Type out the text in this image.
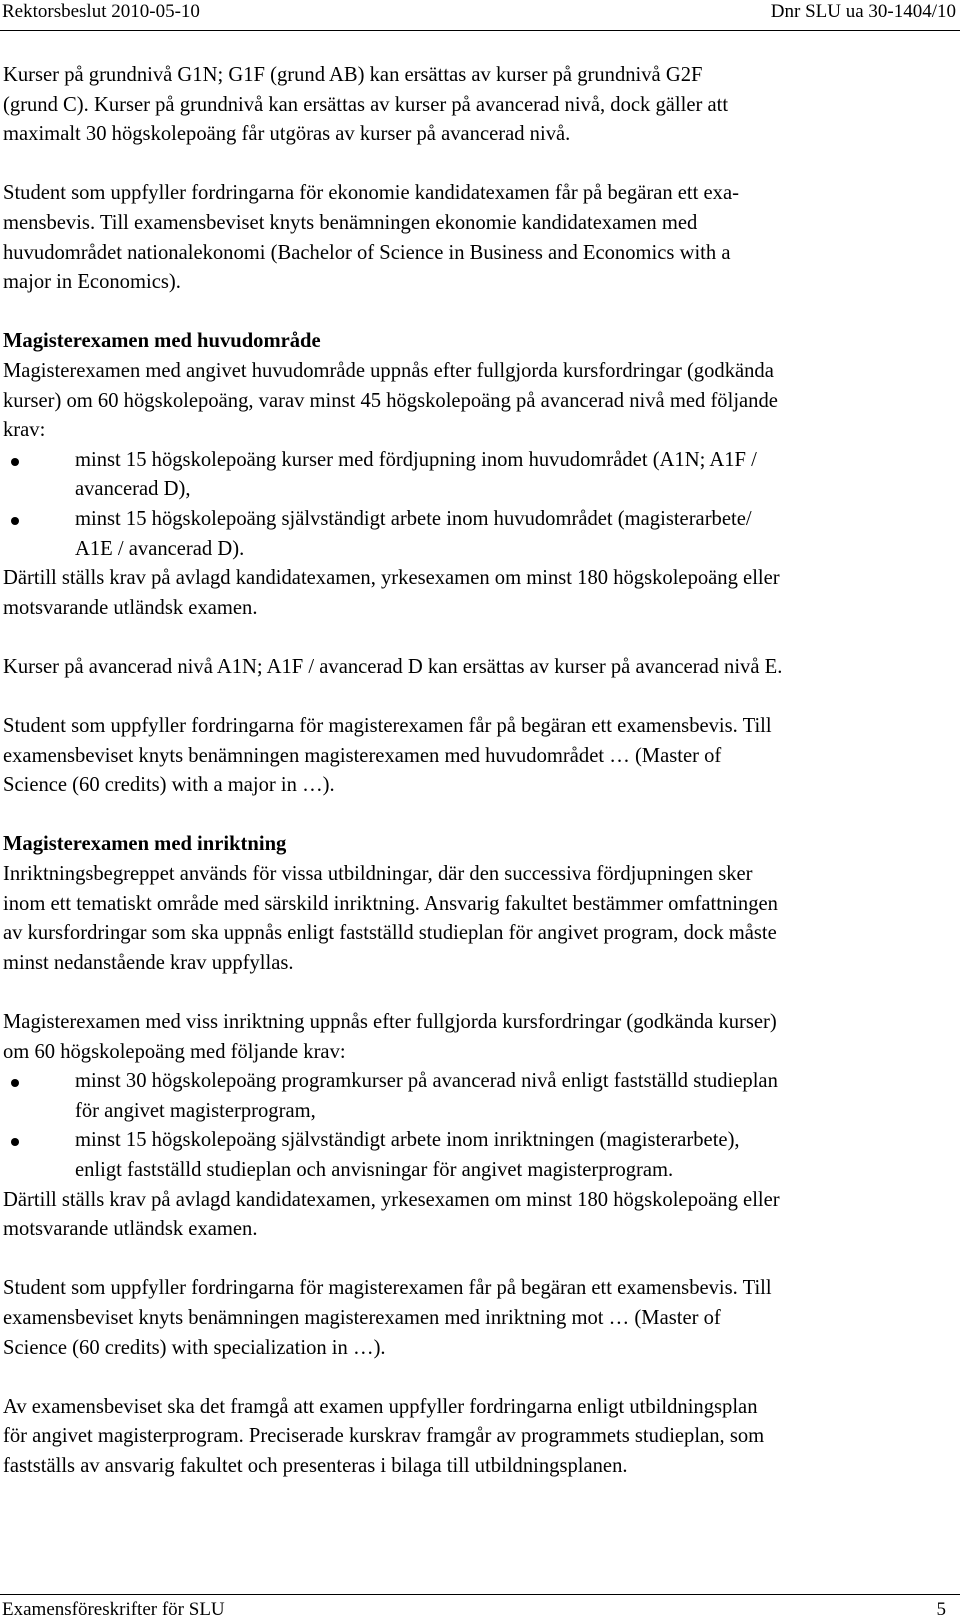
Rektorsbeslut 2010-05-10	Dnr SLU ua 30-1404/10
Kurser på grundnivå G1N; G1F (grund AB) kan ersättas av kurser på grundnivå G2F
(grund C). Kurser på grundnivå kan ersättas av kurser på avancerad nivå, dock gäller att
maximalt 30 högskolepoäng får utgöras av kurser på avancerad nivå.
Student som uppfyller fordringarna för ekonomie kandidatexamen får på begäran ett exa-
mensbevis. Till examensbeviset knyts benämningen ekonomie kandidatexamen med
huvudområdet nationalekonomi (Bachelor of Science in Business and Economics with a
major in Economics).
Magisterexamen med huvudområde
Magisterexamen med angivet huvudområde uppnås efter fullgjorda kursfordringar (godkända
kurser) om 60 högskolepoäng, varav minst 45 högskolepoäng på avancerad nivå med följande
krav:
minst 15 högskolepoäng kurser med fördjupning inom huvudområdet (A1N; A1F /
avancerad D),
minst 15 högskolepoäng självständigt arbete inom huvudområdet (magisterarbete/
A1E / avancerad D).
Därtill ställs krav på avlagd kandidatexamen, yrkesexamen om minst 180 högskolepoäng eller
motsvarande utländsk examen.
Kurser på avancerad nivå A1N; A1F / avancerad D kan ersättas av kurser på avancerad nivå E.
Student som uppfyller fordringarna för magisterexamen får på begäran ett examensbevis. Till
examensbeviset knyts benämningen magisterexamen med huvudområdet … (Master of
Science (60 credits) with a major in …).
Magisterexamen med inriktning
Inriktningsbegreppet används för vissa utbildningar, där den successiva fördjupningen sker
inom ett tematiskt område med särskild inriktning. Ansvarig fakultet bestämmer omfattningen
av kursfordringar som ska uppnås enligt fastställd studieplan för angivet program, dock måste
minst nedanstående krav uppfyllas.
Magisterexamen med viss inriktning uppnås efter fullgjorda kursfordringar (godkända kurser)
om 60 högskolepoäng med följande krav:
minst 30 högskolepoäng programkurser på avancerad nivå enligt fastställd studieplan
för angivet magisterprogram,
minst 15 högskolepoäng självständigt arbete inom inriktningen (magisterarbete),
enligt fastställd studieplan och anvisningar för angivet magisterprogram.
Därtill ställs krav på avlagd kandidatexamen, yrkesexamen om minst 180 högskolepoäng eller
motsvarande utländsk examen.
Student som uppfyller fordringarna för magisterexamen får på begäran ett examensbevis. Till
examensbeviset knyts benämningen magisterexamen med inriktning mot … (Master of
Science (60 credits) with specialization in …).
Av examensbeviset ska det framgå att examen uppfyller fordringarna enligt utbildningsplan
för angivet magisterprogram. Preciserade kurskrav framgår av programmets studieplan, som
fastställs av ansvarig fakultet och presenteras i bilaga till utbildningsplanen.
Examensföreskrifter för SLU	5
